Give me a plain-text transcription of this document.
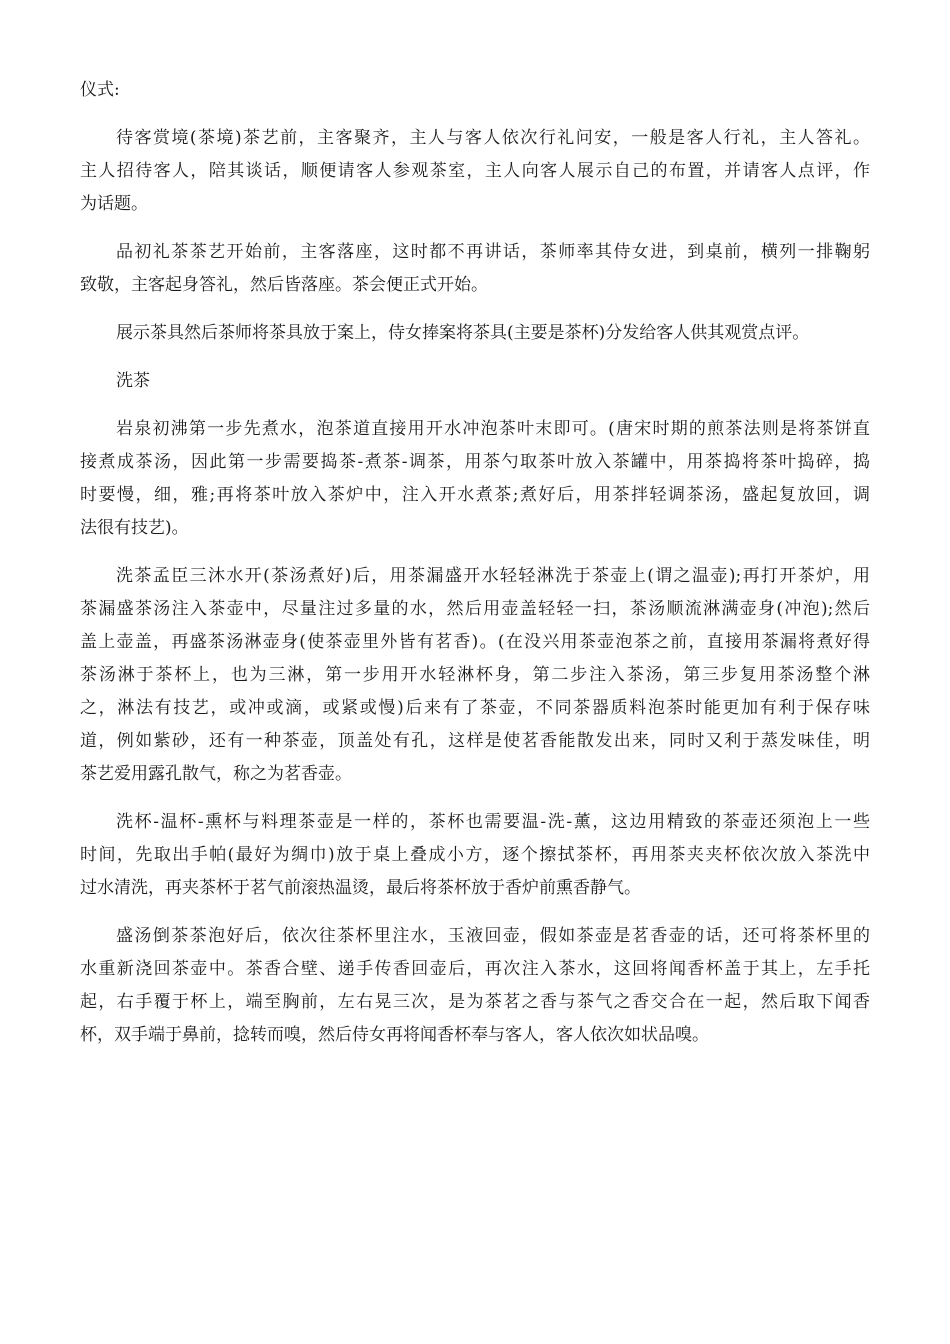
仪式:
待客赏境(茶境)茶艺前，主客聚齐，主人与客人依次行礼问安，一般是客人行礼，主人答礼。
主人招待客人，陪其谈话，顺便请客人参观茶室，主人向客人展示自己的布置，并请客人点评，作
为话题。
品初礼茶茶艺开始前，主客落座，这时都不再讲话，茶师率其侍女进，到桌前，横列一排鞠躬
致敬，主客起身答礼，然后皆落座。茶会便正式开始。
展示茶具然后茶师将茶具放于案上，侍女捧案将茶具(主要是茶杯)分发给客人供其观赏点评。
洗茶
岩泉初沸第一步先煮水，泡茶道直接用开水冲泡茶叶末即可。(唐宋时期的煎茶法则是将茶饼直
接煮成茶汤，因此第一步需要捣茶-煮茶-调茶，用茶勺取茶叶放入茶罐中，用茶捣将茶叶捣碎，捣
时要慢，细，雅;再将茶叶放入茶炉中，注入开水煮茶;煮好后，用茶拌轻调茶汤，盛起复放回，调
法很有技艺)。
洗茶孟臣三沐水开(茶汤煮好)后，用茶漏盛开水轻轻淋洗于茶壶上(谓之温壶);再打开茶炉，用
茶漏盛茶汤注入茶壶中，尽量注过多量的水，然后用壶盖轻轻一扫，茶汤顺流淋满壶身(冲泡);然后
盖上壶盖，再盛茶汤淋壶身(使茶壶里外皆有茗香)。(在没兴用茶壶泡茶之前，直接用茶漏将煮好得
茶汤淋于茶杯上，也为三淋，第一步用开水轻淋杯身，第二步注入茶汤，第三步复用茶汤整个淋
之，淋法有技艺，或冲或滴，或紧或慢)后来有了茶壶，不同茶器质料泡茶时能更加有利于保存味
道，例如紫砂，还有一种茶壶，顶盖处有孔，这样是使茗香能散发出来，同时又利于蒸发味佳，明
茶艺爱用露孔散气，称之为茗香壶。
洗杯-温杯-熏杯与料理茶壶是一样的，茶杯也需要温-洗-薰，这边用精致的茶壶还须泡上一些
时间，先取出手帕(最好为绸巾)放于桌上叠成小方，逐个擦拭茶杯，再用茶夹夹杯依次放入茶洗中
过水清洗，再夹茶杯于茗气前滚热温烫，最后将茶杯放于香炉前熏香静气。
盛汤倒茶茶泡好后，依次往茶杯里注水，玉液回壶，假如茶壶是茗香壶的话，还可将茶杯里的
水重新浇回茶壶中。茶香合壁、递手传香回壶后，再次注入茶水，这回将闻香杯盖于其上，左手托
起，右手覆于杯上，端至胸前，左右晃三次，是为茶茗之香与茶气之香交合在一起，然后取下闻香
杯，双手端于鼻前，捻转而嗅，然后侍女再将闻香杯奉与客人，客人依次如状品嗅。
